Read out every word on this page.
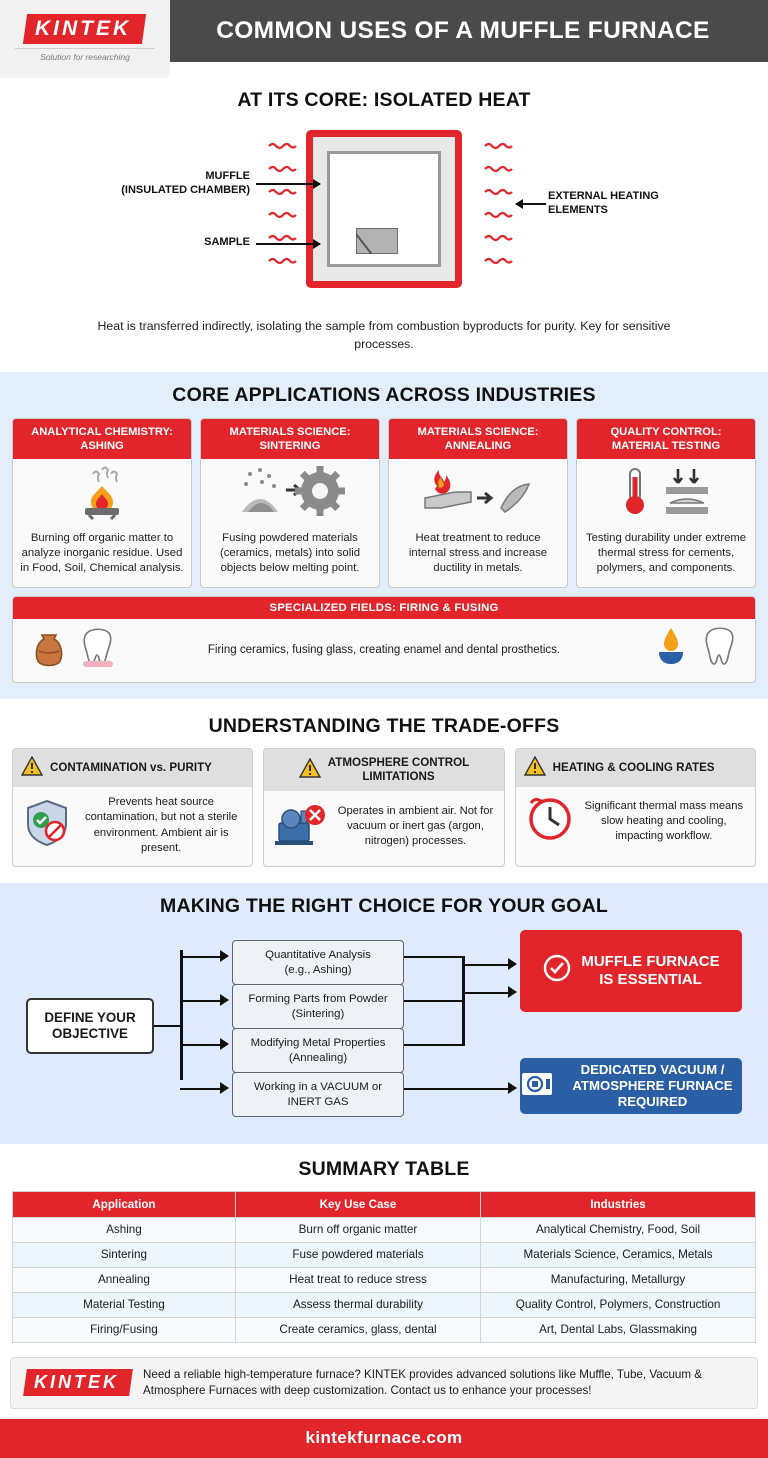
KINTEK
Solution for researching
COMMON USES OF A MUFFLE FURNACE
AT ITS CORE: ISOLATED HEAT
MUFFLE
(INSULATED CHAMBER)
SAMPLE
EXTERNAL HEATING
ELEMENTS
Heat is transferred indirectly, isolating the sample from combustion byproducts for purity. Key for sensitive processes.
CORE APPLICATIONS ACROSS INDUSTRIES
ANALYTICAL CHEMISTRY:
ASHING
Burning off organic matter to analyze inorganic residue. Used in Food, Soil, Chemical analysis.
MATERIALS SCIENCE:
SINTERING
Fusing powdered materials (ceramics, metals) into solid objects below melting point.
MATERIALS SCIENCE:
ANNEALING
Heat treatment to reduce internal stress and increase ductility in metals.
QUALITY CONTROL:
MATERIAL TESTING
Testing durability under extreme thermal stress for cements, polymers, and components.
SPECIALIZED FIELDS: FIRING & FUSING
Firing ceramics, fusing glass, creating enamel and dental prosthetics.
UNDERSTANDING THE TRADE-OFFS
CONTAMINATION vs. PURITY
Prevents heat source contamination, but not a sterile environment. Ambient air is present.
ATMOSPHERE CONTROL
LIMITATIONS
Operates in ambient air. Not for vacuum or inert gas (argon, nitrogen) processes.
HEATING & COOLING RATES
Significant thermal mass means slow heating and cooling, impacting workflow.
MAKING THE RIGHT CHOICE FOR YOUR GOAL
DEFINE YOUR
OBJECTIVE
Quantitative Analysis
(e.g., Ashing)
Forming Parts from Powder
(Sintering)
Modifying Metal Properties
(Annealing)
Working in a VACUUM or
INERT GAS
MUFFLE FURNACE
IS ESSENTIAL
DEDICATED VACUUM /
ATMOSPHERE FURNACE REQUIRED
SUMMARY TABLE
Application	Key Use Case	Industries
Ashing	Burn off organic matter	Analytical Chemistry, Food, Soil
Sintering	Fuse powdered materials	Materials Science, Ceramics, Metals
Annealing	Heat treat to reduce stress	Manufacturing, Metallurgy
Material Testing	Assess thermal durability	Quality Control, Polymers, Construction
Firing/Fusing	Create ceramics, glass, dental	Art, Dental Labs, Glassmaking
KINTEK	Need a reliable high-temperature furnace? KINTEK provides advanced solutions like Muffle, Tube, Vacuum & Atmosphere Furnaces with deep customization. Contact us to enhance your processes!
kintekfurnace.com
